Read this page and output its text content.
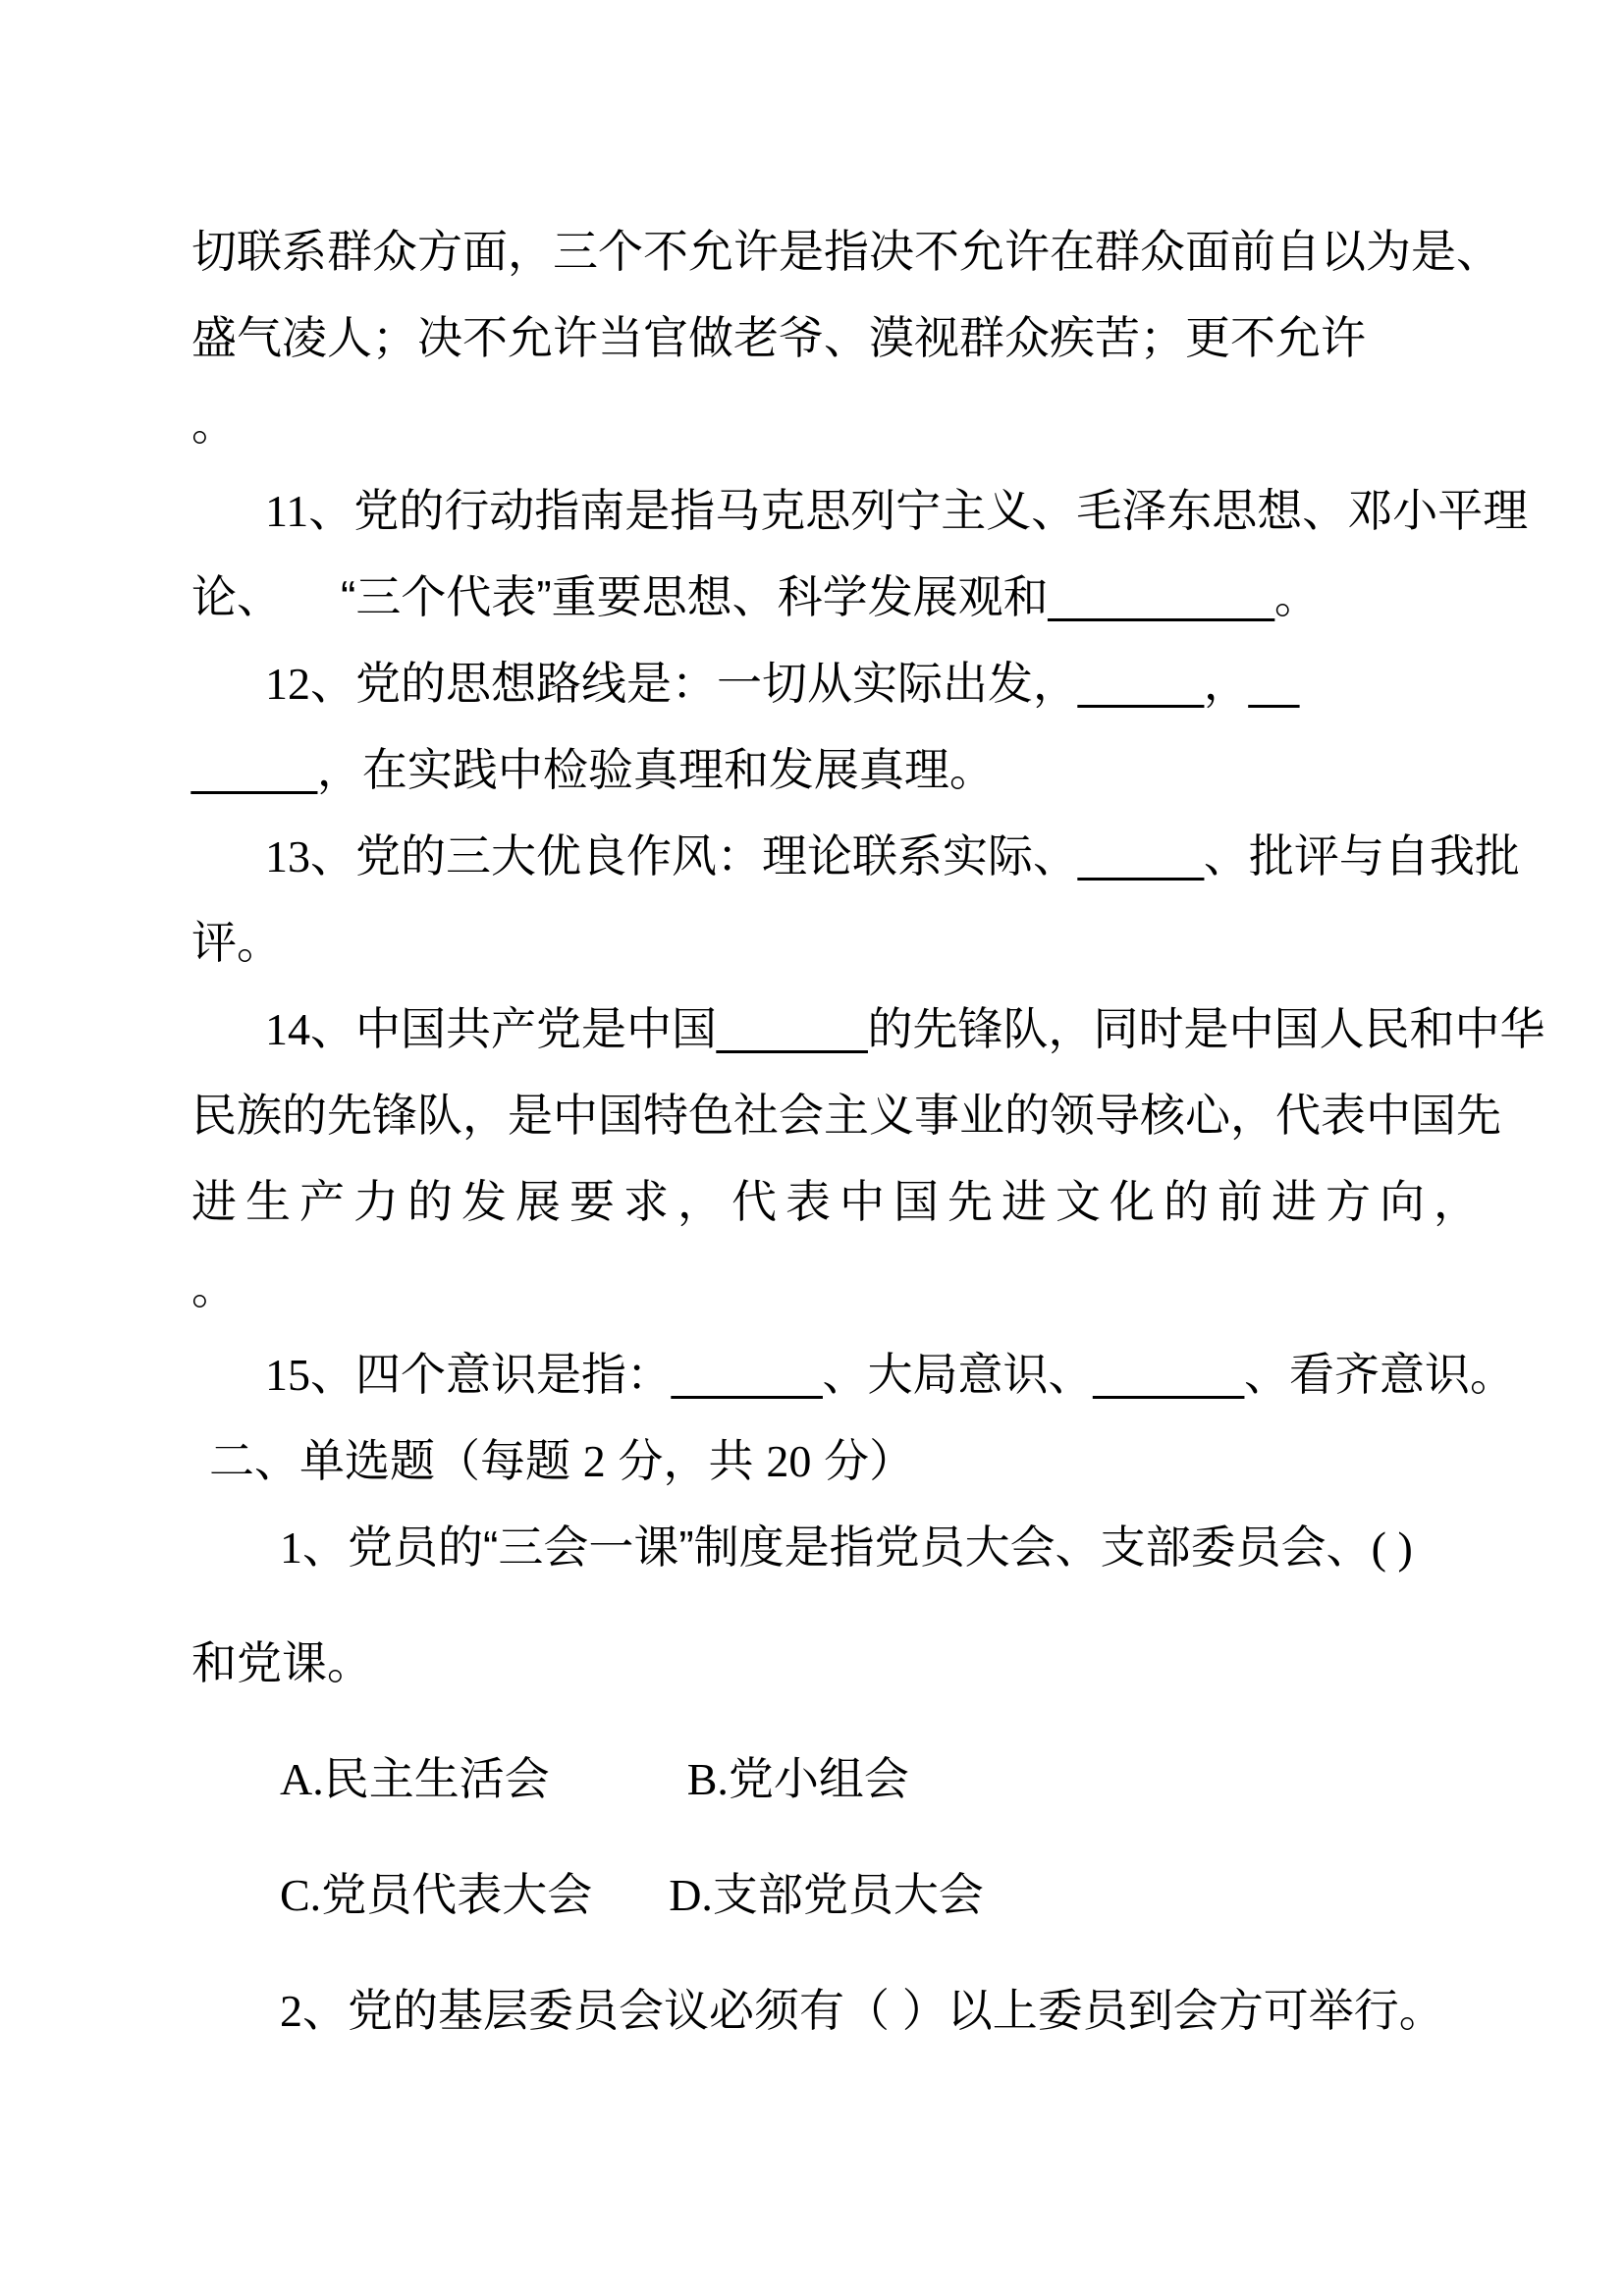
切联系群众方面，三个不允许是指决不允许在群众面前自以为是、
盛气凌人；决不允许当官做老爷、漠视群众疾苦；更不允许
。
11、党的行动指南是指马克思列宁主义、毛泽东思想、邓小平理
论、 “三个代表”重要思想、科学发展观和_________。
12、党的思想路线是：一切从实际出发，_____，__
_____，在实践中检验真理和发展真理。
13、党的三大优良作风：理论联系实际、_____、批评与自我批
评。
14、中国共产党是中国______的先锋队，同时是中国人民和中华
民族的先锋队，是中国特色社会主义事业的领导核心，代表中国先
进生产力的发展要求，代表中国先进文化的前进方向，
。
15、四个意识是指：______、大局意识、______、看齐意识。
二、单选题（每题 2 分，共 20 分）
1、党员的“三会一课”制度是指党员大会、支部委员会、( )
和党课。
A.民主生活会	B.党小组会
C.党员代表大会 D.支部党员大会
2、党的基层委员会议必须有（ ）以上委员到会方可举行。
